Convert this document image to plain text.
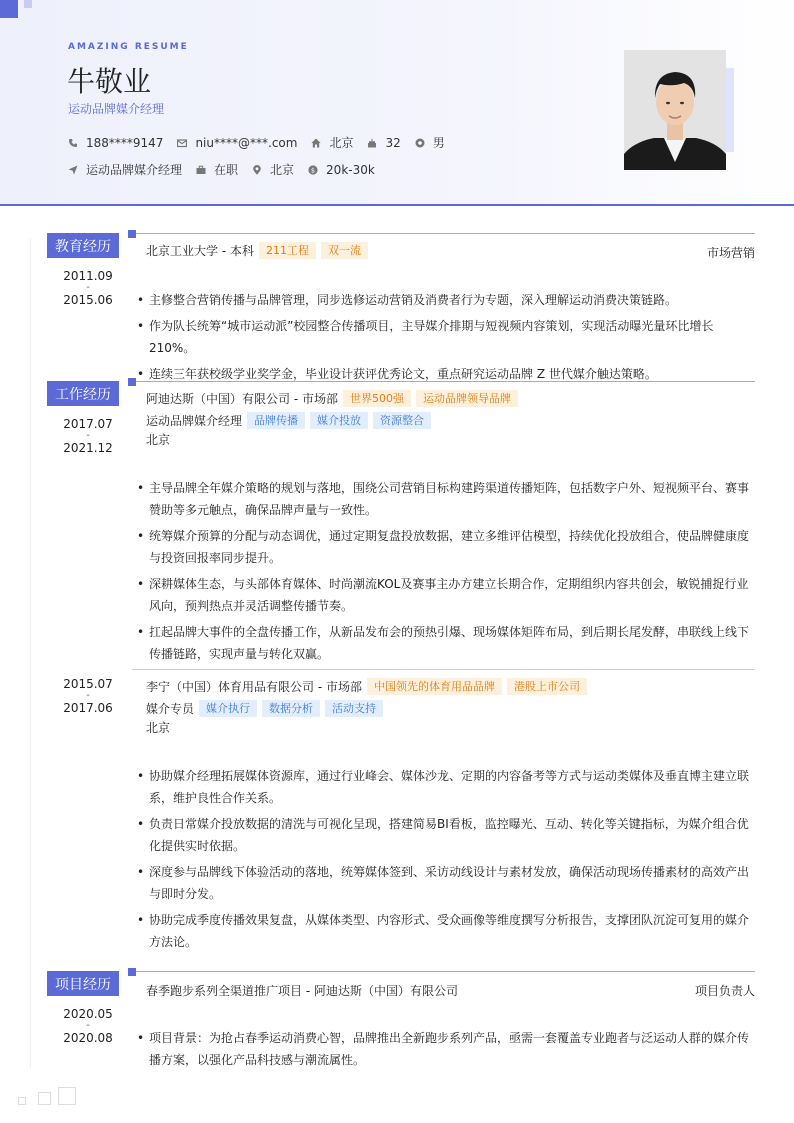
AMAZING RESUME
牛敬业
运动品牌媒介经理
188****9147	niu****@***.com	北京	32	男
运动品牌媒介经理	在职	北京	$ 20k-30k
教育经历
2011.09
-
2015.06
北京工业大学 - 本科	211工程	双一流	市场营销
• 主修整合营销传播与品牌管理，同步选修运动营销及消费者行为专题，深入理解运动消费决策链路。
• 作为队长统筹“城市运动派”校园整合传播项目，主导媒介排期与短视频内容策划，实现活动曝光量环比增长210%。
• 连续三年获校级学业奖学金，毕业设计获评优秀论文，重点研究运动品牌 Z 世代媒介触达策略。
工作经历
2017.07
-
2021.12
阿迪达斯（中国）有限公司 - 市场部	世界500强	运动品牌领导品牌
运动品牌媒介经理	品牌传播	媒介投放	资源整合
北京
• 主导品牌全年媒介策略的规划与落地，围绕公司营销目标构建跨渠道传播矩阵，包括数字户外、短视频平台、赛事赞助等多元触点，确保品牌声量与一致性。
• 统筹媒介预算的分配与动态调优，通过定期复盘投放数据，建立多维评估模型，持续优化投放组合，使品牌健康度与投资回报率同步提升。
• 深耕媒体生态，与头部体育媒体、时尚潮流KOL及赛事主办方建立长期合作，定期组织内容共创会，敏锐捕捉行业风向，预判热点并灵活调整传播节奏。
• 扛起品牌大事件的全盘传播工作，从新品发布会的预热引爆、现场媒体矩阵布局，到后期长尾发酵，串联线上线下传播链路，实现声量与转化双赢。
2015.07
-
2017.06
李宁（中国）体育用品有限公司 - 市场部	中国领先的体育用品品牌	港股上市公司
媒介专员	媒介执行	数据分析	活动支持
北京
• 协助媒介经理拓展媒体资源库，通过行业峰会、媒体沙龙、定期的内容备考等方式与运动类媒体及垂直博主建立联系，维护良性合作关系。
• 负责日常媒介投放数据的清洗与可视化呈现，搭建简易BI看板，监控曝光、互动、转化等关键指标，为媒介组合优化提供实时依据。
• 深度参与品牌线下体验活动的落地，统筹媒体签到、采访动线设计与素材发放，确保活动现场传播素材的高效产出与即时分发。
• 协助完成季度传播效果复盘，从媒体类型、内容形式、受众画像等维度撰写分析报告，支撑团队沉淀可复用的媒介方法论。
项目经历
2020.05
-
2020.08
春季跑步系列全渠道推广项目 - 阿迪达斯（中国）有限公司	项目负责人
• 项目背景：为抢占春季运动消费心智，品牌推出全新跑步系列产品，亟需一套覆盖专业跑者与泛运动人群的媒介传播方案，以强化产品科技感与潮流属性。
